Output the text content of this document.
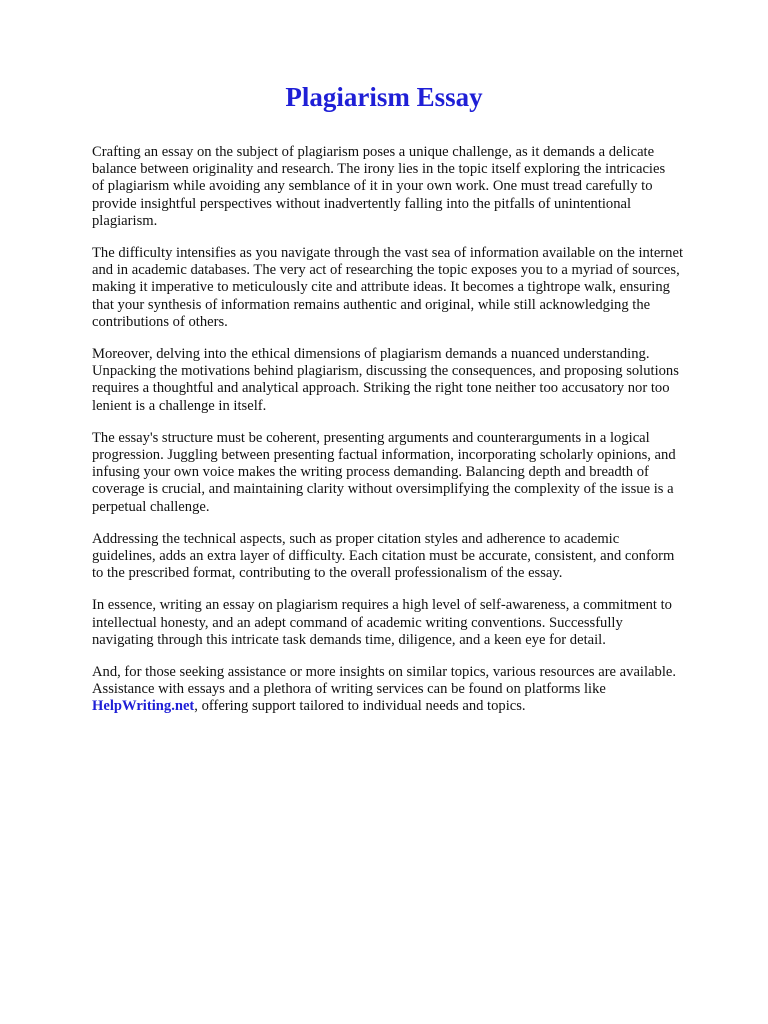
Plagiarism Essay

Crafting an essay on the subject of plagiarism poses a unique challenge, as it demands a delicate
balance between originality and research. The irony lies in the topic itself exploring the intricacies
of plagiarism while avoiding any semblance of it in your own work. One must tread carefully to
provide insightful perspectives without inadvertently falling into the pitfalls of unintentional
plagiarism.

The difficulty intensifies as you navigate through the vast sea of information available on the internet
and in academic databases. The very act of researching the topic exposes you to a myriad of sources,
making it imperative to meticulously cite and attribute ideas. It becomes a tightrope walk, ensuring
that your synthesis of information remains authentic and original, while still acknowledging the
contributions of others.

Moreover, delving into the ethical dimensions of plagiarism demands a nuanced understanding.
Unpacking the motivations behind plagiarism, discussing the consequences, and proposing solutions
requires a thoughtful and analytical approach. Striking the right tone neither too accusatory nor too
lenient is a challenge in itself.

The essay's structure must be coherent, presenting arguments and counterarguments in a logical
progression. Juggling between presenting factual information, incorporating scholarly opinions, and
infusing your own voice makes the writing process demanding. Balancing depth and breadth of
coverage is crucial, and maintaining clarity without oversimplifying the complexity of the issue is a
perpetual challenge.

Addressing the technical aspects, such as proper citation styles and adherence to academic
guidelines, adds an extra layer of difficulty. Each citation must be accurate, consistent, and conform
to the prescribed format, contributing to the overall professionalism of the essay.

In essence, writing an essay on plagiarism requires a high level of self-awareness, a commitment to
intellectual honesty, and an adept command of academic writing conventions. Successfully
navigating through this intricate task demands time, diligence, and a keen eye for detail.

And, for those seeking assistance or more insights on similar topics, various resources are available.
Assistance with essays and a plethora of writing services can be found on platforms like
HelpWriting.net, offering support tailored to individual needs and topics.
